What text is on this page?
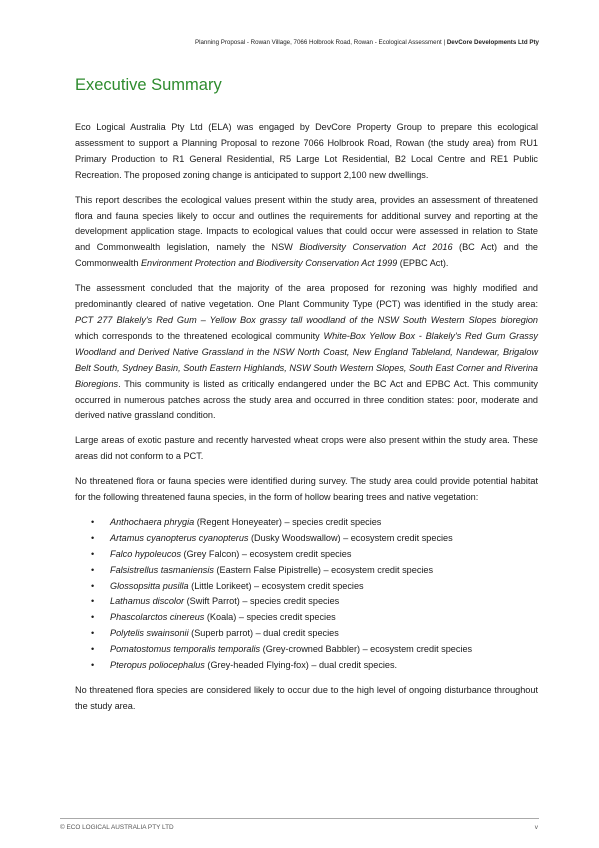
Planning Proposal - Rowan Village, 7066 Holbrook Road, Rowan - Ecological Assessment | DevCore Developments Ltd Pty
Executive Summary

Eco Logical Australia Pty Ltd (ELA) was engaged by DevCore Property Group to prepare this ecological assessment to support a Planning Proposal to rezone 7066 Holbrook Road, Rowan (the study area) from RU1 Primary Production to R1 General Residential, R5 Large Lot Residential, B2 Local Centre and RE1 Public Recreation. The proposed zoning change is anticipated to support 2,100 new dwellings.

This report describes the ecological values present within the study area, provides an assessment of threatened flora and fauna species likely to occur and outlines the requirements for additional survey and reporting at the development application stage. Impacts to ecological values that could occur were assessed in relation to State and Commonwealth legislation, namely the NSW Biodiversity Conservation Act 2016 (BC Act) and the Commonwealth Environment Protection and Biodiversity Conservation Act 1999 (EPBC Act).

The assessment concluded that the majority of the area proposed for rezoning was highly modified and predominantly cleared of native vegetation. One Plant Community Type (PCT) was identified in the study area: PCT 277 Blakely's Red Gum – Yellow Box grassy tall woodland of the NSW South Western Slopes bioregion which corresponds to the threatened ecological community White-Box Yellow Box - Blakely's Red Gum Grassy Woodland and Derived Native Grassland in the NSW North Coast, New England Tableland, Nandewar, Brigalow Belt South, Sydney Basin, South Eastern Highlands, NSW South Western Slopes, South East Corner and Riverina Bioregions. This community is listed as critically endangered under the BC Act and EPBC Act. This community occurred in numerous patches across the study area and occurred in three condition states: poor, moderate and derived native grassland condition.

Large areas of exotic pasture and recently harvested wheat crops were also present within the study area. These areas did not conform to a PCT.

No threatened flora or fauna species were identified during survey. The study area could provide potential habitat for the following threatened fauna species, in the form of hollow bearing trees and native vegetation:

• Anthochaera phrygia (Regent Honeyeater) – species credit species
• Artamus cyanopterus cyanopterus (Dusky Woodswallow) – ecosystem credit species
• Falco hypoleucos (Grey Falcon) – ecosystem credit species
• Falsistrellus tasmaniensis (Eastern False Pipistrelle) – ecosystem credit species
• Glossopsitta pusilla (Little Lorikeet) – ecosystem credit species
• Lathamus discolor (Swift Parrot) – species credit species
• Phascolarctos cinereus (Koala) – species credit species
• Polytelis swainsonii (Superb parrot) – dual credit species
• Pomatostomus temporalis temporalis (Grey-crowned Babbler) – ecosystem credit species
• Pteropus poliocephalus (Grey-headed Flying-fox) – dual credit species.

No threatened flora species are considered likely to occur due to the high level of ongoing disturbance throughout the study area.

© ECO LOGICAL AUSTRALIA PTY LTD	v
